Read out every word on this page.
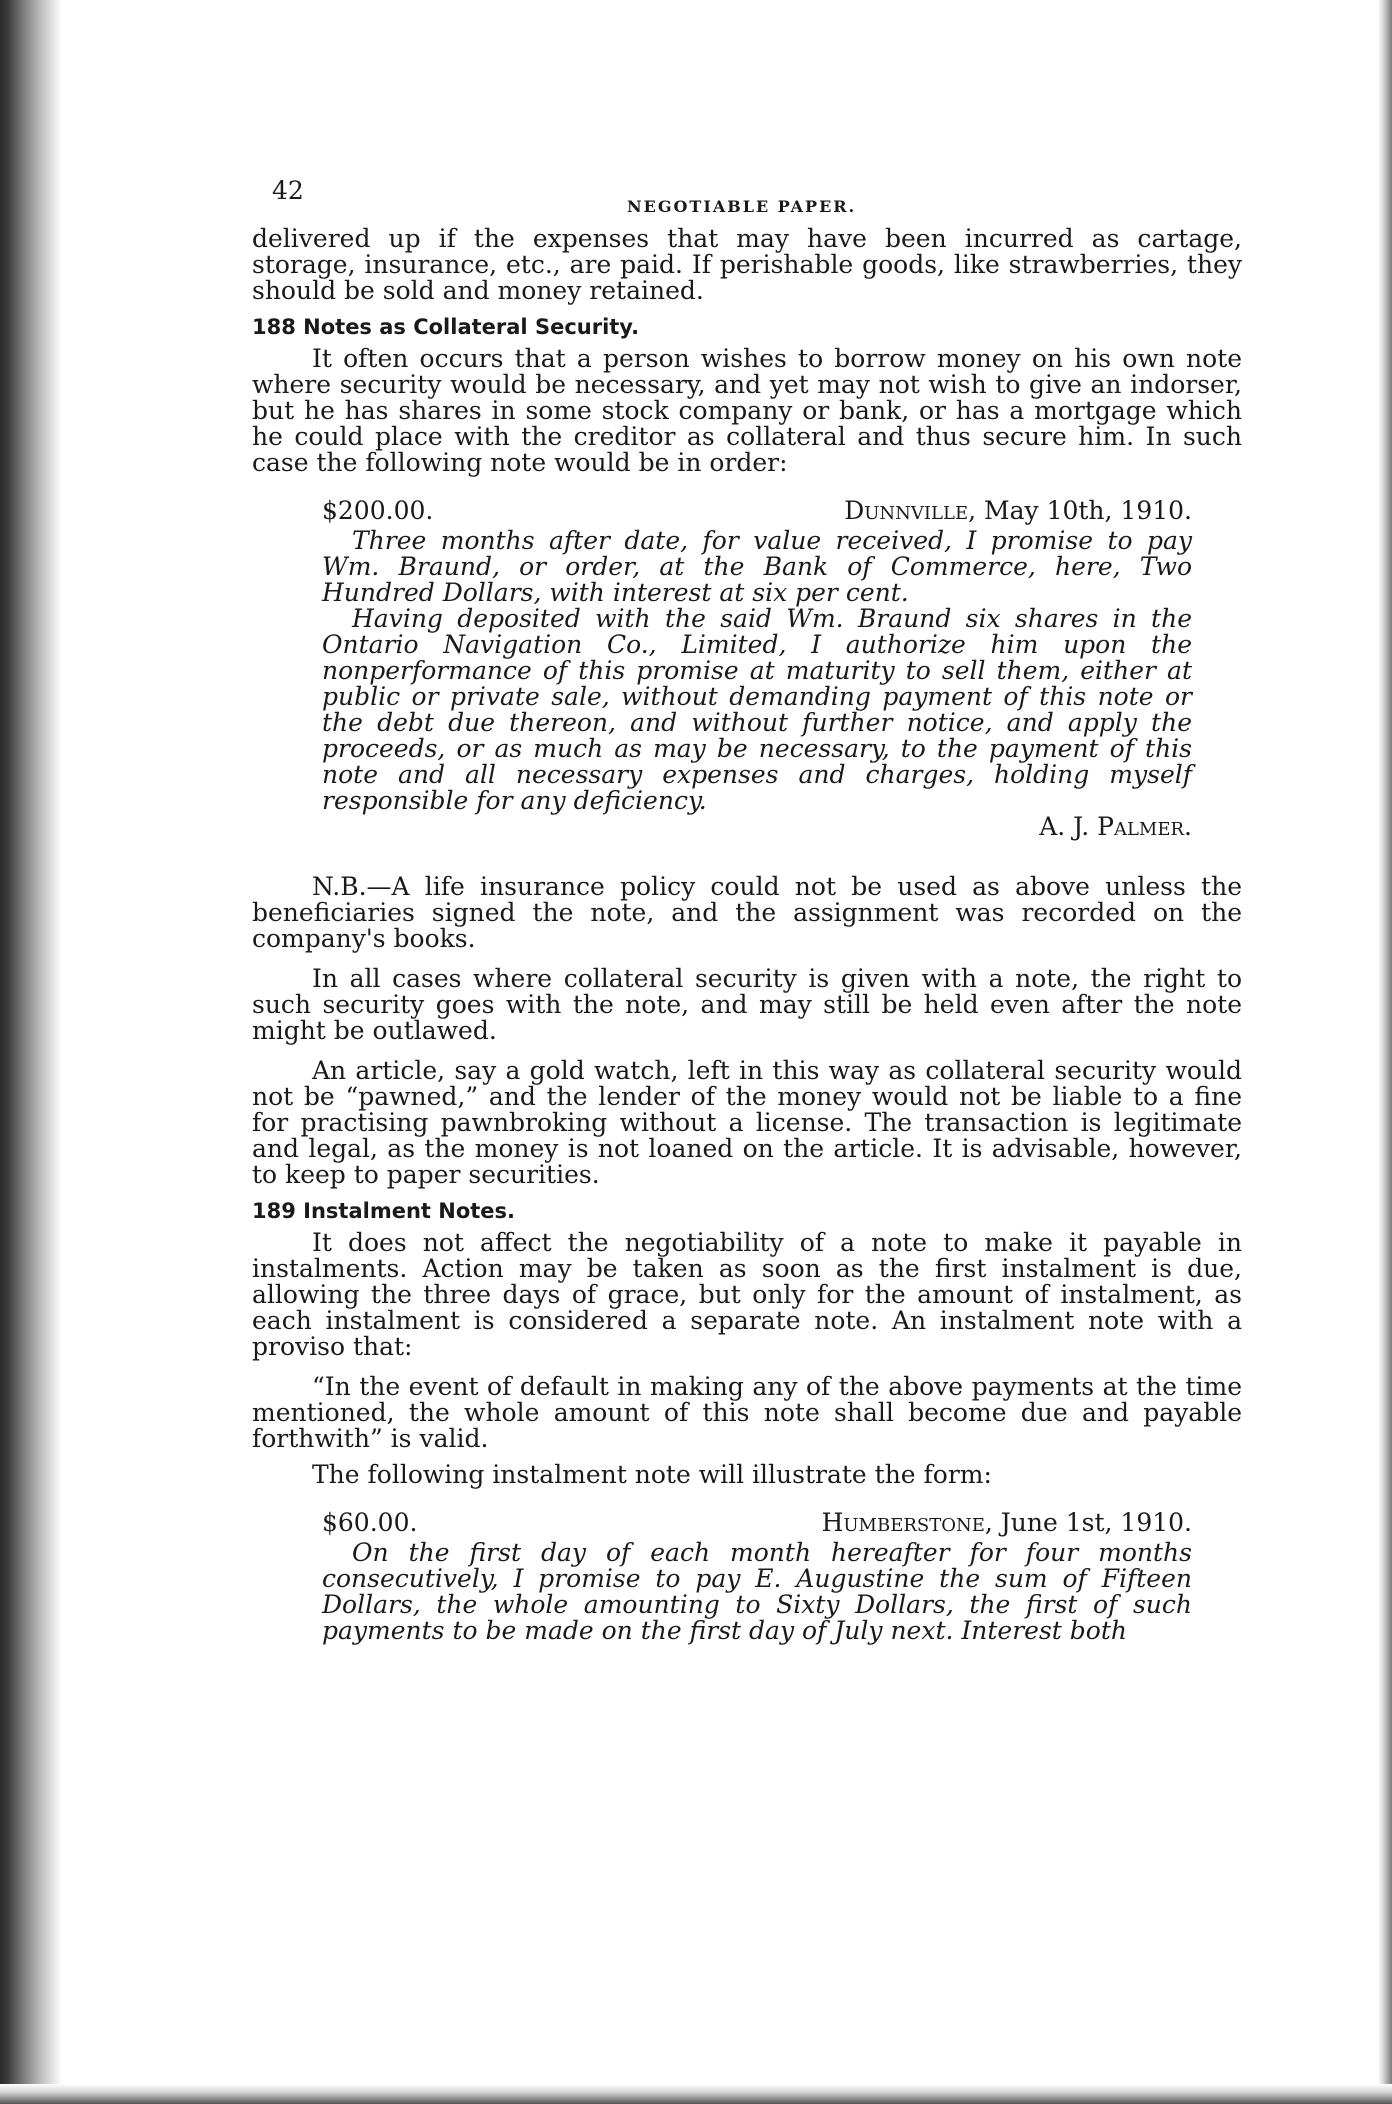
42
NEGOTIABLE PAPER.

delivered up if the expenses that may have been incurred as cartage, storage, insurance, etc., are paid. If perishable goods, like strawberries, they should be sold and money retained.

188 Notes as Collateral Security.

It often occurs that a person wishes to borrow money on his own note where security would be necessary, and yet may not wish to give an indorser, but he has shares in some stock company or bank, or has a mortgage which he could place with the creditor as collateral and thus secure him. In such case the following note would be in order:

$200.00.	Dunnville, May 10th, 1910.

Three months after date, for value received, I promise to pay Wm. Braund, or order, at the Bank of Commerce, here, Two Hundred Dollars, with interest at six per cent.

Having deposited with the said Wm. Braund six shares in the Ontario Navigation Co., Limited, I authorize him upon the nonperformance of this promise at maturity to sell them, either at public or private sale, without demanding payment of this note or the debt due thereon, and without further notice, and apply the proceeds, or as much as may be necessary, to the payment of this note and all necessary expenses and charges, holding myself responsible for any deficiency.

A. J. Palmer.

N.B.—A life insurance policy could not be used as above unless the beneficiaries signed the note, and the assignment was recorded on the company's books.

In all cases where collateral security is given with a note, the right to such security goes with the note, and may still be held even after the note might be outlawed.

An article, say a gold watch, left in this way as collateral security would not be “pawned,” and the lender of the money would not be liable to a fine for practising pawnbroking without a license. The transaction is legitimate and legal, as the money is not loaned on the article. It is advisable, however, to keep to paper securities.

189 Instalment Notes.

It does not affect the negotiability of a note to make it payable in instalments. Action may be taken as soon as the first instalment is due, allowing the three days of grace, but only for the amount of instalment, as each instalment is considered a separate note. An instalment note with a proviso that:

“In the event of default in making any of the above payments at the time mentioned, the whole amount of this note shall become due and payable forthwith” is valid.

The following instalment note will illustrate the form:

$60.00.	Humberstone, June 1st, 1910.

On the first day of each month hereafter for four months consecutively, I promise to pay E. Augustine the sum of Fifteen Dollars, the whole amounting to Sixty Dollars, the first of such payments to be made on the first day of July next. Interest both
